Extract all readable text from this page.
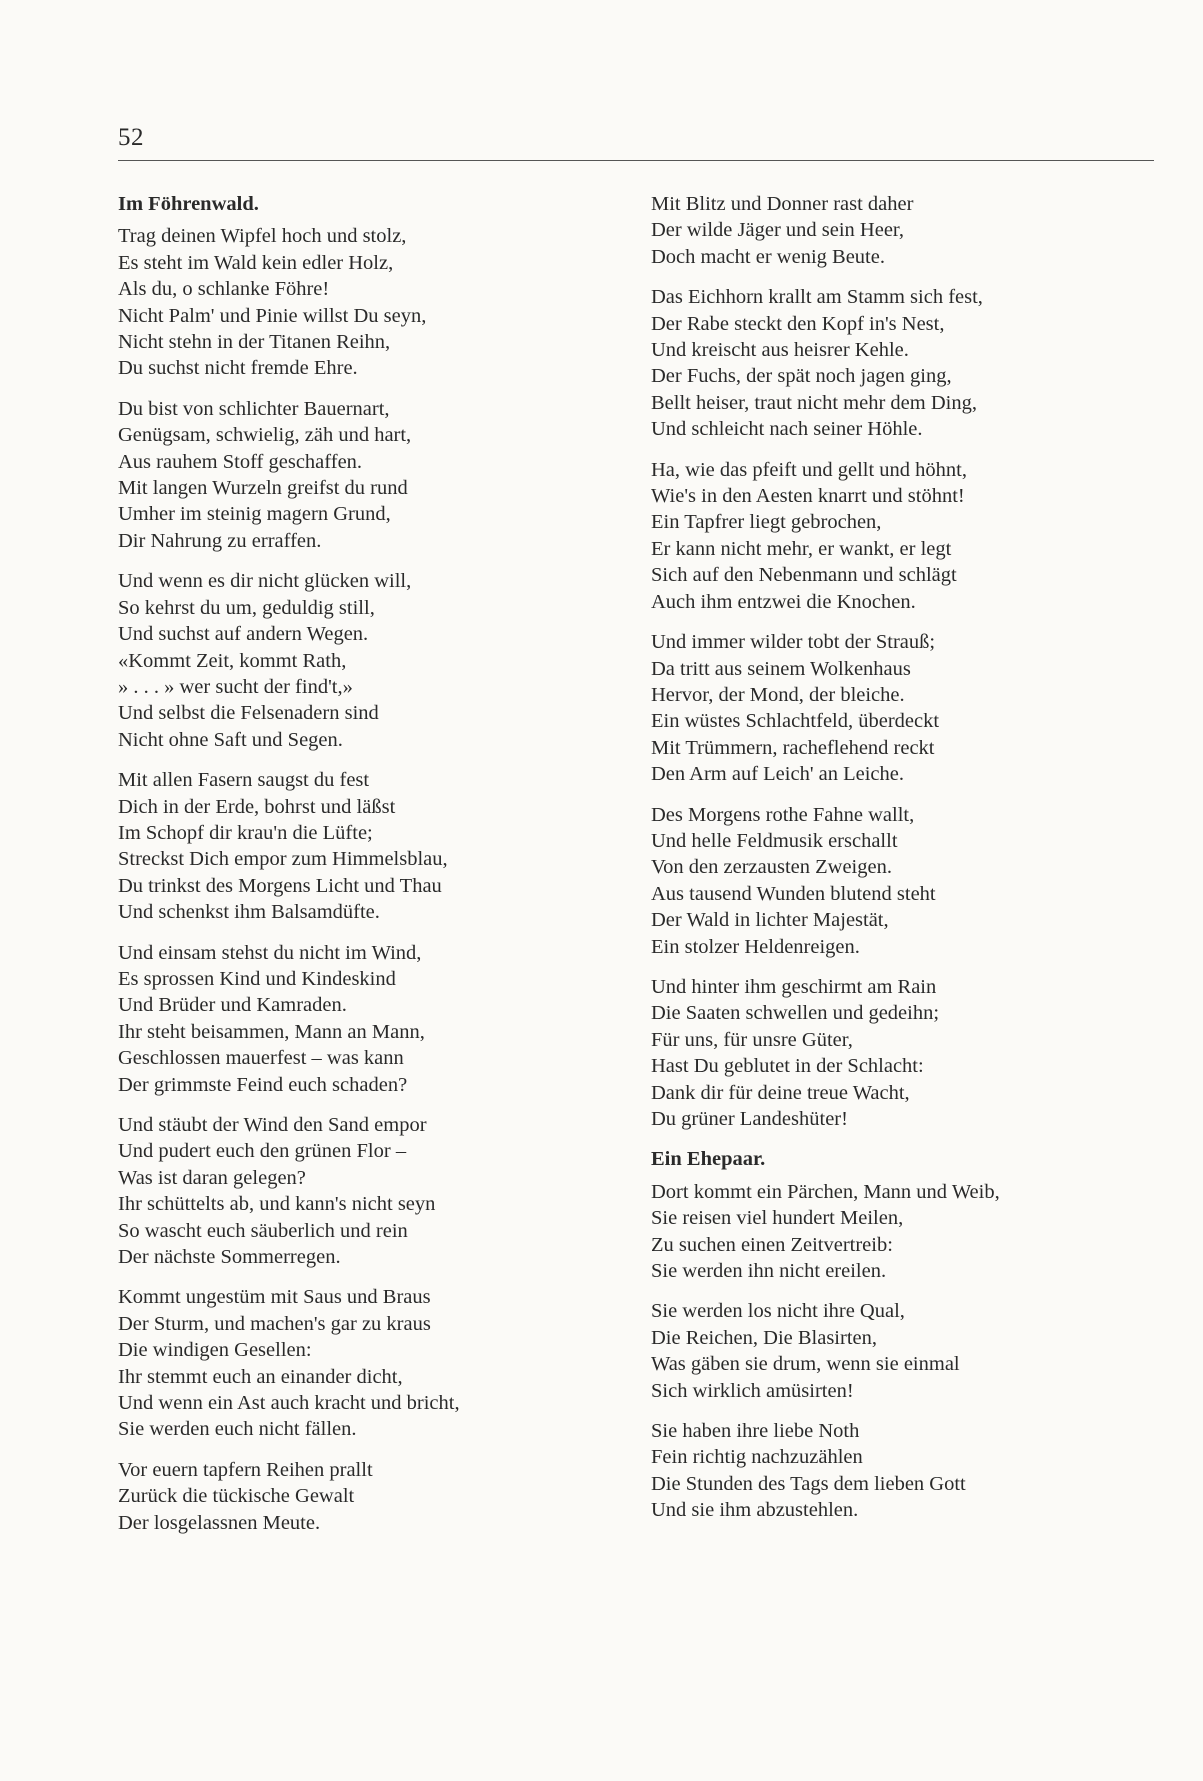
52
Im Föhrenwald.
Trag deinen Wipfel hoch und stolz,
Es steht im Wald kein edler Holz,
Als du, o schlanke Föhre!
Nicht Palm' und Pinie willst Du seyn,
Nicht stehn in der Titanen Reihn,
Du suchst nicht fremde Ehre.
Du bist von schlichter Bauernart,
Genügsam, schwielig, zäh und hart,
Aus rauhem Stoff geschaffen.
Mit langen Wurzeln greifst du rund
Umher im steinig magern Grund,
Dir Nahrung zu erraffen.
Und wenn es dir nicht glücken will,
So kehrst du um, geduldig still,
Und suchst auf andern Wegen.
«Kommt Zeit, kommt Rath,
» . . . » wer sucht der find't,»
Und selbst die Felsenadern sind
Nicht ohne Saft und Segen.
Mit allen Fasern saugst du fest
Dich in der Erde, bohrst und läßst
Im Schopf dir krau'n die Lüfte;
Streckst Dich empor zum Himmelsblau,
Du trinkst des Morgens Licht und Thau
Und schenkst ihm Balsamdüfte.
Und einsam stehst du nicht im Wind,
Es sprossen Kind und Kindeskind
Und Brüder und Kamraden.
Ihr steht beisammen, Mann an Mann,
Geschlossen mauerfest – was kann
Der grimmste Feind euch schaden?
Und stäubt der Wind den Sand empor
Und pudert euch den grünen Flor –
Was ist daran gelegen?
Ihr schüttelts ab, und kann's nicht seyn
So wascht euch säuberlich und rein
Der nächste Sommerregen.
Kommt ungestüm mit Saus und Braus
Der Sturm, und machen's gar zu kraus
Die windigen Gesellen:
Ihr stemmt euch an einander dicht,
Und wenn ein Ast auch kracht und bricht,
Sie werden euch nicht fällen.
Vor euern tapfern Reihen prallt
Zurück die tückische Gewalt
Der losgelassnen Meute.
Mit Blitz und Donner rast daher
Der wilde Jäger und sein Heer,
Doch macht er wenig Beute.
Das Eichhorn krallt am Stamm sich fest,
Der Rabe steckt den Kopf in's Nest,
Und kreischt aus heisrer Kehle.
Der Fuchs, der spät noch jagen ging,
Bellt heiser, traut nicht mehr dem Ding,
Und schleicht nach seiner Höhle.
Ha, wie das pfeift und gellt und höhnt,
Wie's in den Aesten knarrt und stöhnt!
Ein Tapfrer liegt gebrochen,
Er kann nicht mehr, er wankt, er legt
Sich auf den Nebenmann und schlägt
Auch ihm entzwei die Knochen.
Und immer wilder tobt der Strauß;
Da tritt aus seinem Wolkenhaus
Hervor, der Mond, der bleiche.
Ein wüstes Schlachtfeld, überdeckt
Mit Trümmern, racheflehend reckt
Den Arm auf Leich' an Leiche.
Des Morgens rothe Fahne wallt,
Und helle Feldmusik erschallt
Von den zerzausten Zweigen.
Aus tausend Wunden blutend steht
Der Wald in lichter Majestät,
Ein stolzer Heldenreigen.
Und hinter ihm geschirmt am Rain
Die Saaten schwellen und gedeihn;
Für uns, für unsre Güter,
Hast Du geblutet in der Schlacht:
Dank dir für deine treue Wacht,
Du grüner Landeshüter!
Ein Ehepaar.
Dort kommt ein Pärchen, Mann und Weib,
Sie reisen viel hundert Meilen,
Zu suchen einen Zeitvertreib:
Sie werden ihn nicht ereilen.
Sie werden los nicht ihre Qual,
Die Reichen, Die Blasirten,
Was gäben sie drum, wenn sie einmal
Sich wirklich amüsirten!
Sie haben ihre liebe Noth
Fein richtig nachzuzählen
Die Stunden des Tags dem lieben Gott
Und sie ihm abzustehlen.
